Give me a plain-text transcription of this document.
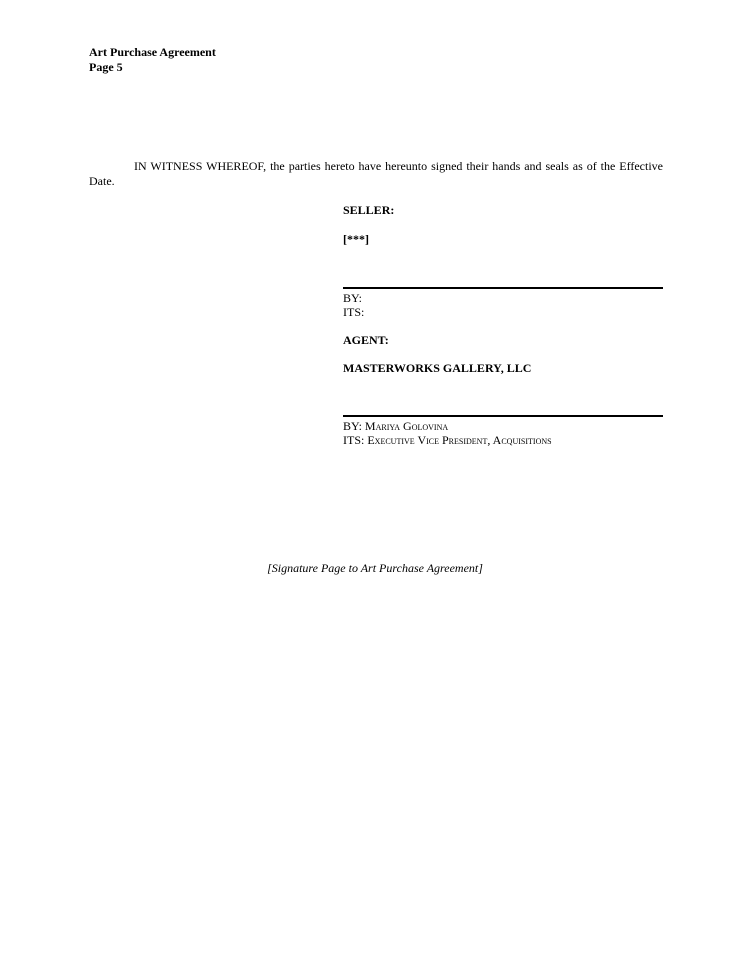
Art Purchase Agreement
Page 5

IN WITNESS WHEREOF, the parties hereto have hereunto signed their hands and seals as of the Effective Date.

SELLER:
[***]
BY:
ITS:
AGENT:
MASTERWORKS GALLERY, LLC
BY: Mariya Golovina
ITS: Executive Vice President, Acquisitions
[Signature Page to Art Purchase Agreement]
